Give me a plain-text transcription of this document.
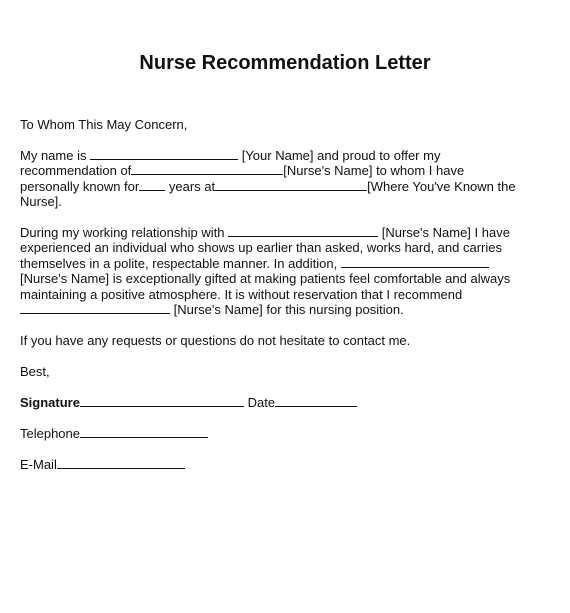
Nurse Recommendation Letter
To Whom This May Concern,
My name is	[Your Name] and proud to offer my
recommendation of	[Nurse's Name] to whom I have
personally known for years at	[Where You've Known the
Nurse].
During my working relationship with	[Nurse's Name] I have
experienced an individual who shows up earlier than asked, works hard, and carries
themselves in a polite, respectable manner. In addition,
[Nurse's Name] is exceptionally gifted at making patients feel comfortable and always
maintaining a positive atmosphere. It is without reservation that I recommend
[Nurse's Name] for this nursing position.
If you have any requests or questions do not hesitate to contact me.
Best,
Signature	Date
Telephone
E-Mail
